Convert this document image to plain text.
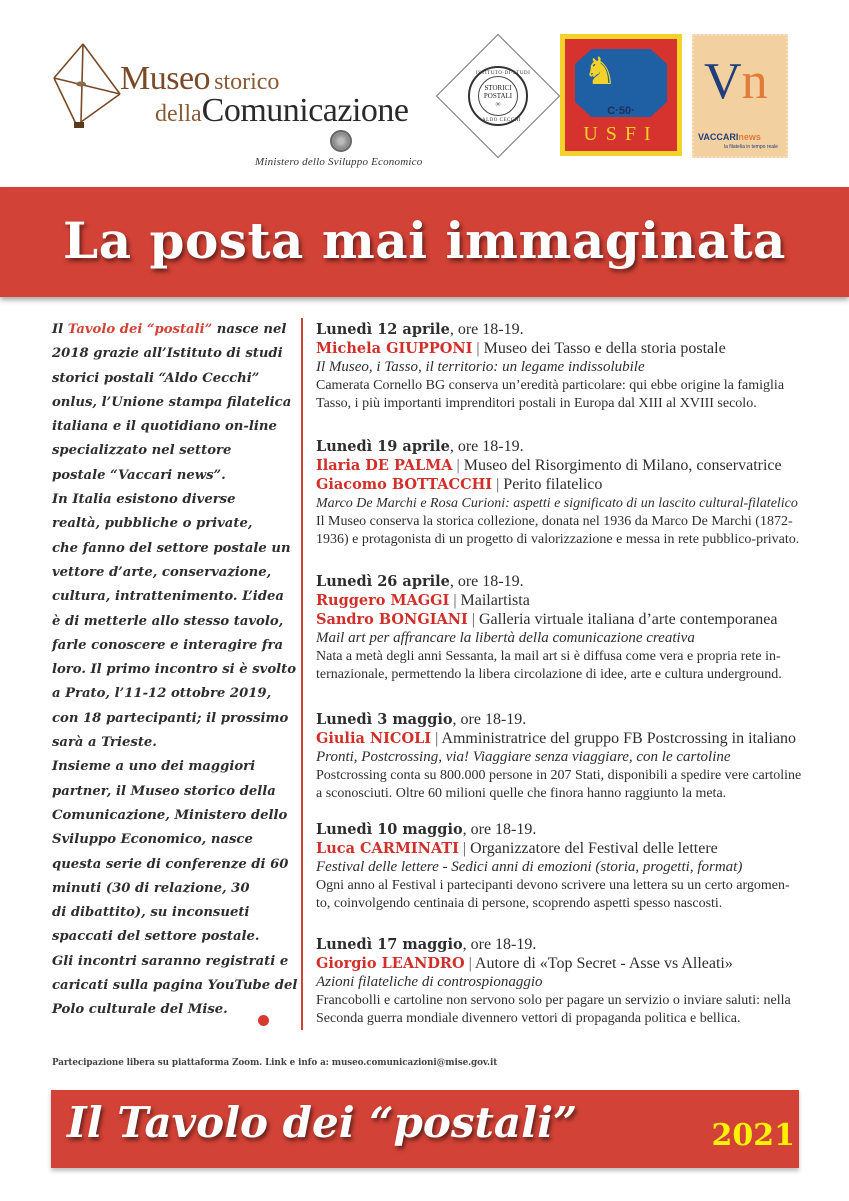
Museo storico
dellaComunicazione
Ministero dello Sviluppo Economico
ISTITUTO·DI·STUDI
STORICI
POSTALI
∞
ALDO CECCHI
♞
C·50·
USFI
Vn
VACCARInews
la filatelia in tempo reale
La posta mai immaginata
Il Tavolo dei “postali” nasce nel
2018 grazie all’Istituto di studi
storici postali “Aldo Cecchi”
onlus, l’Unione stampa filatelica
italiana e il quotidiano on-line
specializzato nel settore
postale “Vaccari news”.
In Italia esistono diverse
realtà, pubbliche o private,
che fanno del settore postale un
vettore d’arte, conservazione,
cultura, intrattenimento. L’idea
è di metterle allo stesso tavolo,
farle conoscere e interagire fra
loro. Il primo incontro si è svolto
a Prato, l’11-12 ottobre 2019,
con 18 partecipanti; il prossimo
sarà a Trieste.
Insieme a uno dei maggiori
partner, il Museo storico della
Comunicazione, Ministero dello
Sviluppo Economico, nasce
questa serie di conferenze di 60
minuti (30 di relazione, 30
di dibattito), su inconsueti
spaccati del settore postale.
Gli incontri saranno registrati e
caricati sulla pagina YouTube del
Polo culturale del Mise.
Lunedì 12 aprile, ore 18-19.
Michela GIUPPONI | Museo dei Tasso e della storia postale
Il Museo, i Tasso, il territorio: un legame indissolubile
Camerata Cornello BG conserva un’eredità particolare: qui ebbe origine la famiglia
Tasso, i più importanti imprenditori postali in Europa dal XIII al XVIII secolo.
Lunedì 19 aprile, ore 18-19.
Ilaria DE PALMA | Museo del Risorgimento di Milano, conservatrice
Giacomo BOTTACCHI | Perito filatelico
Marco De Marchi e Rosa Curioni: aspetti e significato di un lascito cultural-filatelico
Il Museo conserva la storica collezione, donata nel 1936 da Marco De Marchi (1872-
1936) e protagonista di un progetto di valorizzazione e messa in rete pubblico-privato.
Lunedì 26 aprile, ore 18-19.
Ruggero MAGGI | Mailartista
Sandro BONGIANI | Galleria virtuale italiana d’arte contemporanea
Mail art per affrancare la libertà della comunicazione creativa
Nata a metà degli anni Sessanta, la mail art si è diffusa come vera e propria rete in-
ternazionale, permettendo la libera circolazione di idee, arte e cultura underground.
Lunedì 3 maggio, ore 18-19.
Giulia NICOLI | Amministratrice del gruppo FB Postcrossing in italiano
Pronti, Postcrossing, via! Viaggiare senza viaggiare, con le cartoline
Postcrossing conta su 800.000 persone in 207 Stati, disponibili a spedire vere cartoline
a sconosciuti. Oltre 60 milioni quelle che finora hanno raggiunto la meta.
Lunedì 10 maggio, ore 18-19.
Luca CARMINATI | Organizzatore del Festival delle lettere
Festival delle lettere - Sedici anni di emozioni (storia, progetti, format)
Ogni anno al Festival i partecipanti devono scrivere una lettera su un certo argomen-
to, coinvolgendo centinaia di persone, scoprendo aspetti spesso nascosti.
Lunedì 17 maggio, ore 18-19.
Giorgio LEANDRO | Autore di «Top Secret - Asse vs Alleati»
Azioni filateliche di controspionaggio
Francobolli e cartoline non servono solo per pagare un servizio o inviare saluti: nella
Seconda guerra mondiale divennero vettori di propaganda politica e bellica.
Partecipazione libera su piattaforma Zoom. Link e info a: museo.comunicazioni@mise.gov.it
Il Tavolo dei “postali”	2021
